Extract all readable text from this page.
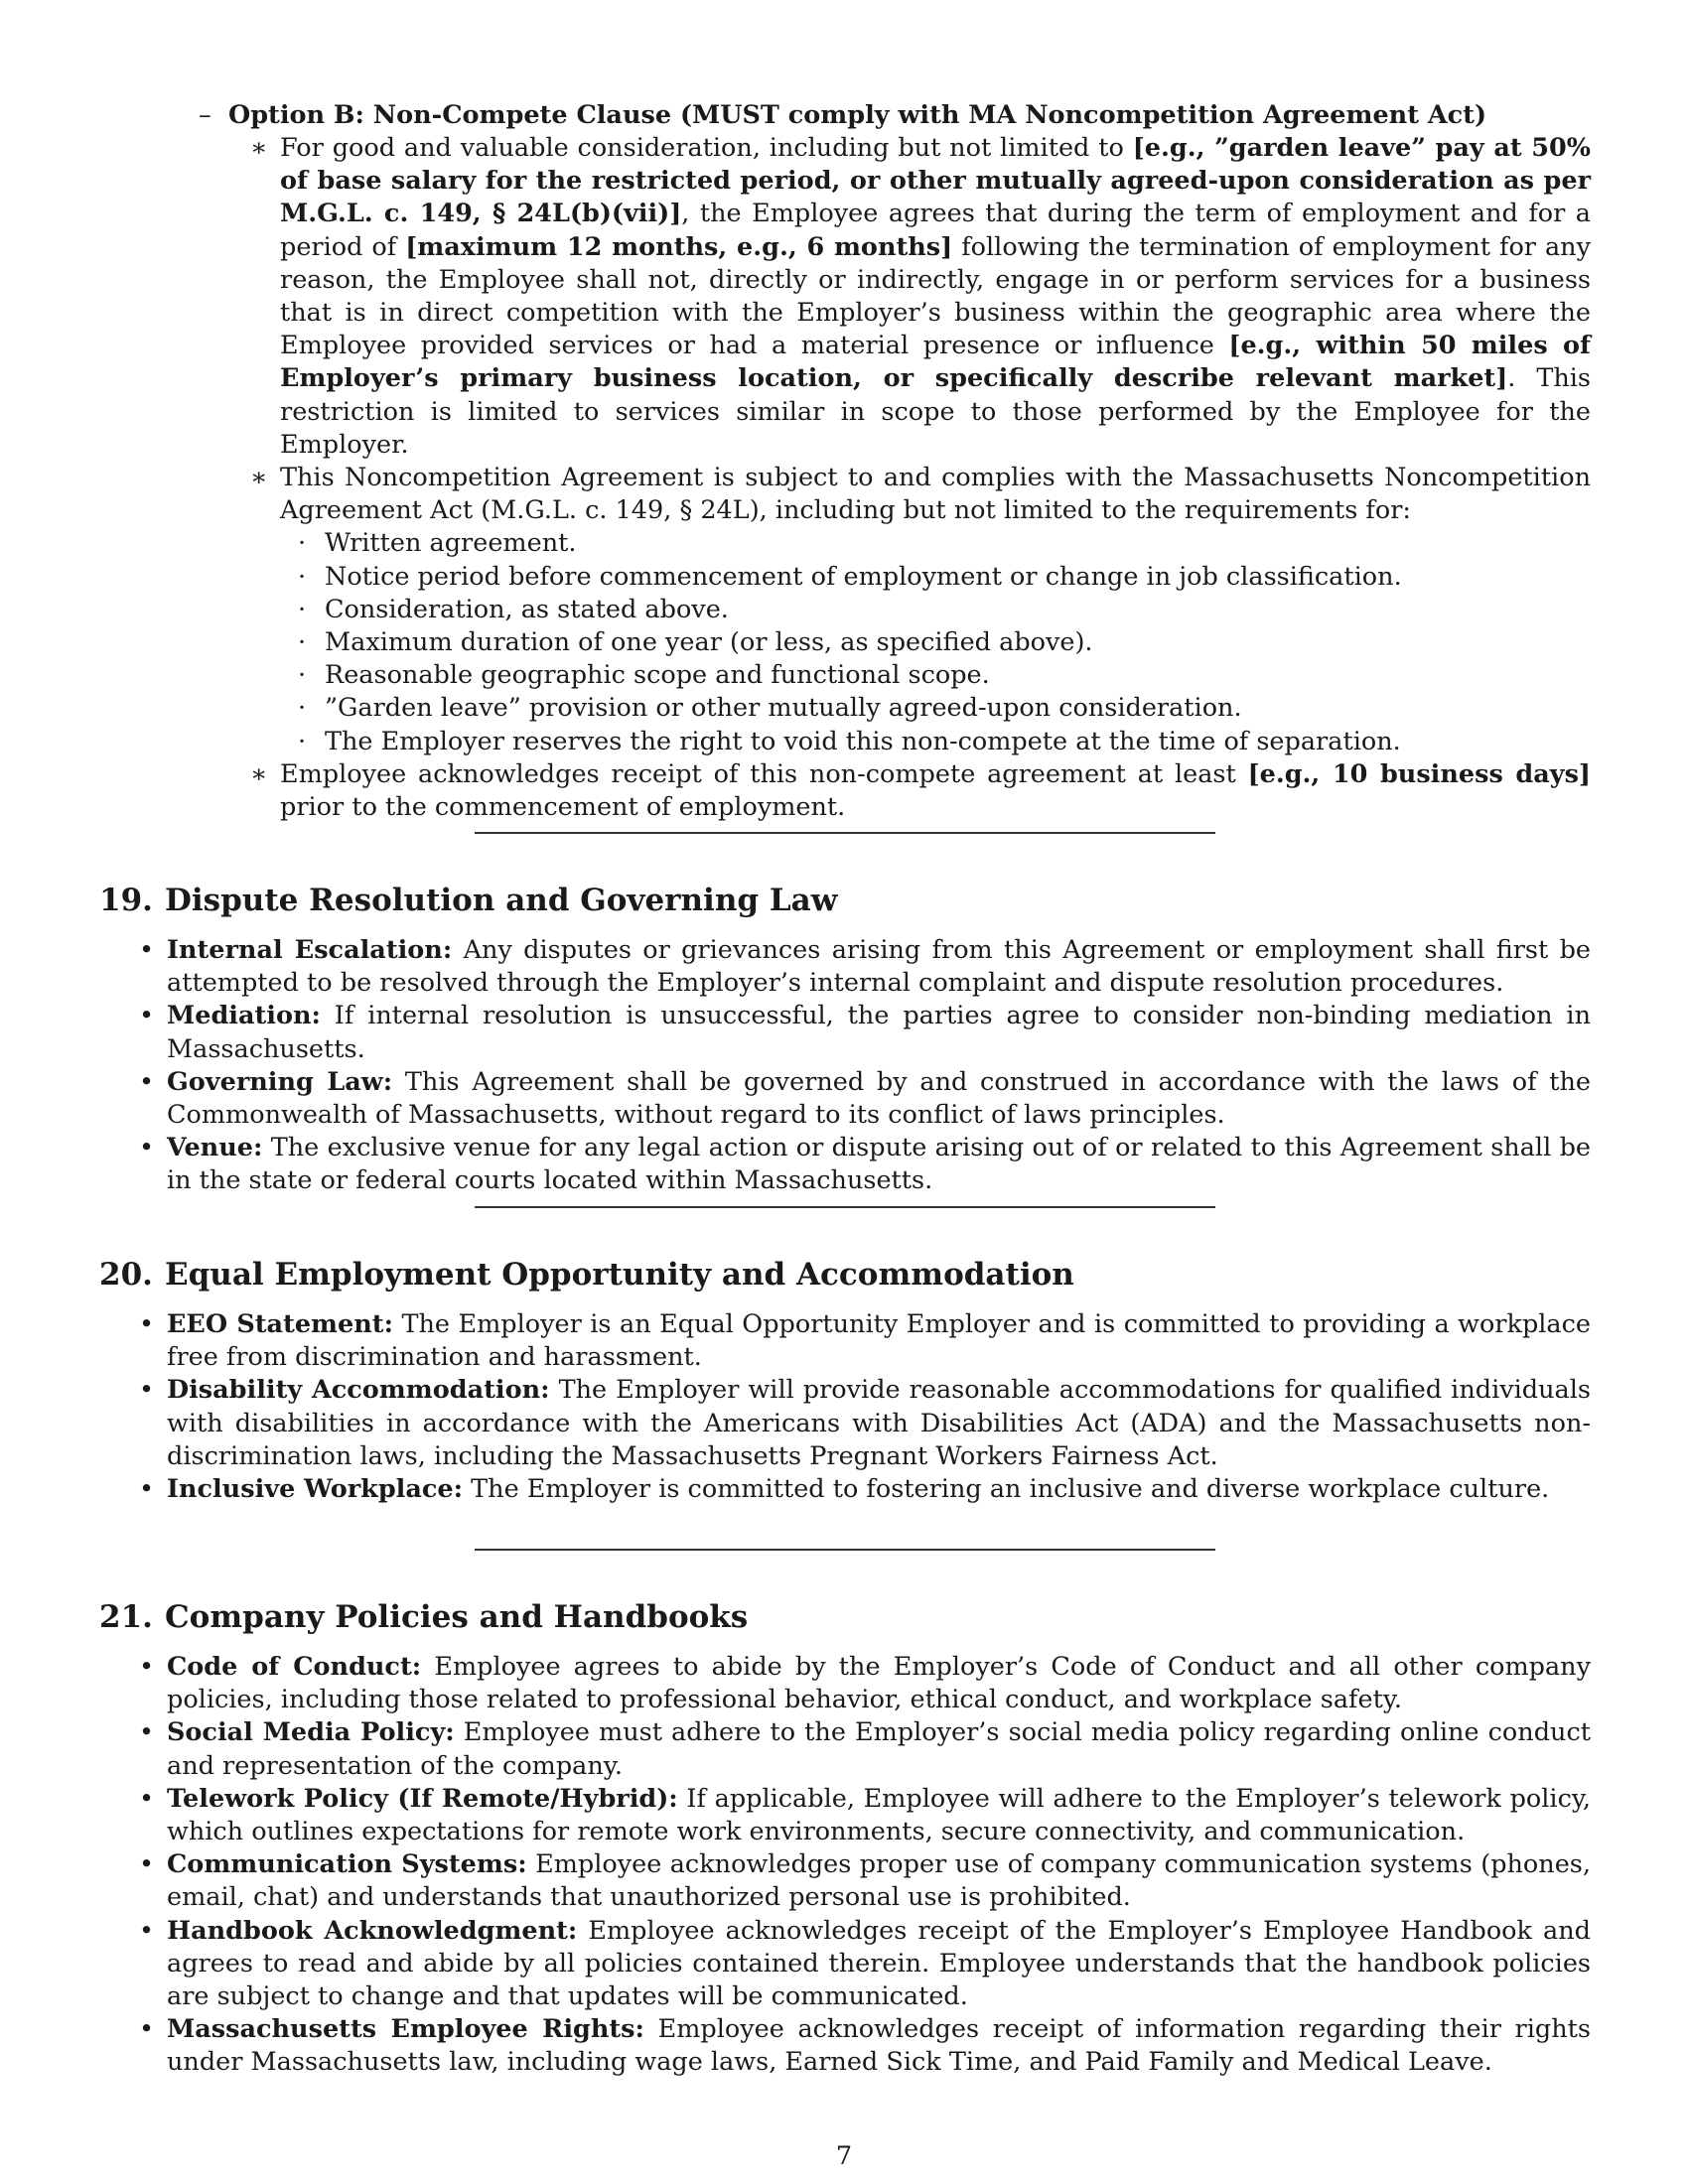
– Option B: Non-Compete Clause (MUST comply with MA Noncompetition Agreement Act)

∗ For good and valuable consideration, including but not limited to [e.g., ”garden leave” pay at 50% of base salary for the restricted period, or other mutually agreed-upon consideration as per M.G.L. c. 149, § 24L(b)(vii)], the Employee agrees that during the term of employment and for a period of [maximum 12 months, e.g., 6 months] following the termination of employment for any reason, the Employee shall not, directly or indirectly, engage in or perform services for a business that is in direct competition with the Employer’s business within the geographic area where the Employee provided services or had a material presence or influence [e.g., within 50 miles of Employer’s primary business location, or specifically describe relevant market]. This restriction is limited to services similar in scope to those performed by the Employee for the Employer.

∗ This Noncompetition Agreement is subject to and complies with the Massachusetts Noncompetition Agreement Act (M.G.L. c. 149, § 24L), including but not limited to the requirements for:
· Written agreement.
· Notice period before commencement of employment or change in job classification.
· Consideration, as stated above.
· Maximum duration of one year (or less, as specified above).
· Reasonable geographic scope and functional scope.
· ”Garden leave” provision or other mutually agreed-upon consideration.
· The Employer reserves the right to void this non-compete at the time of separation.

∗ Employee acknowledges receipt of this non-compete agreement at least [e.g., 10 business days] prior to the commencement of employment.

19. Dispute Resolution and Governing Law
• Internal Escalation: Any disputes or grievances arising from this Agreement or employment shall first be attempted to be resolved through the Employer’s internal complaint and dispute resolution procedures.
• Mediation: If internal resolution is unsuccessful, the parties agree to consider non-binding mediation in Massachusetts.
• Governing Law: This Agreement shall be governed by and construed in accordance with the laws of the Commonwealth of Massachusetts, without regard to its conflict of laws principles.
• Venue: The exclusive venue for any legal action or dispute arising out of or related to this Agreement shall be in the state or federal courts located within Massachusetts.
20. Equal Employment Opportunity and Accommodation
• EEO Statement: The Employer is an Equal Opportunity Employer and is committed to providing a workplace free from discrimination and harassment.
• Disability Accommodation: The Employer will provide reasonable accommodations for qualified individuals with disabilities in accordance with the Americans with Disabilities Act (ADA) and the Massachusetts non-discrimination laws, including the Massachusetts Pregnant Workers Fairness Act.
• Inclusive Workplace: The Employer is committed to fostering an inclusive and diverse workplace culture.
21. Company Policies and Handbooks
• Code of Conduct: Employee agrees to abide by the Employer’s Code of Conduct and all other company policies, including those related to professional behavior, ethical conduct, and workplace safety.
• Social Media Policy: Employee must adhere to the Employer’s social media policy regarding online conduct and representation of the company.
• Telework Policy (If Remote/Hybrid): If applicable, Employee will adhere to the Employer’s telework policy, which outlines expectations for remote work environments, secure connectivity, and communication.
• Communication Systems: Employee acknowledges proper use of company communication systems (phones, email, chat) and understands that unauthorized personal use is prohibited.
• Handbook Acknowledgment: Employee acknowledges receipt of the Employer’s Employee Handbook and agrees to read and abide by all policies contained therein. Employee understands that the handbook policies are subject to change and that updates will be communicated.
• Massachusetts Employee Rights: Employee acknowledges receipt of information regarding their rights under Massachusetts law, including wage laws, Earned Sick Time, and Paid Family and Medical Leave.
7
